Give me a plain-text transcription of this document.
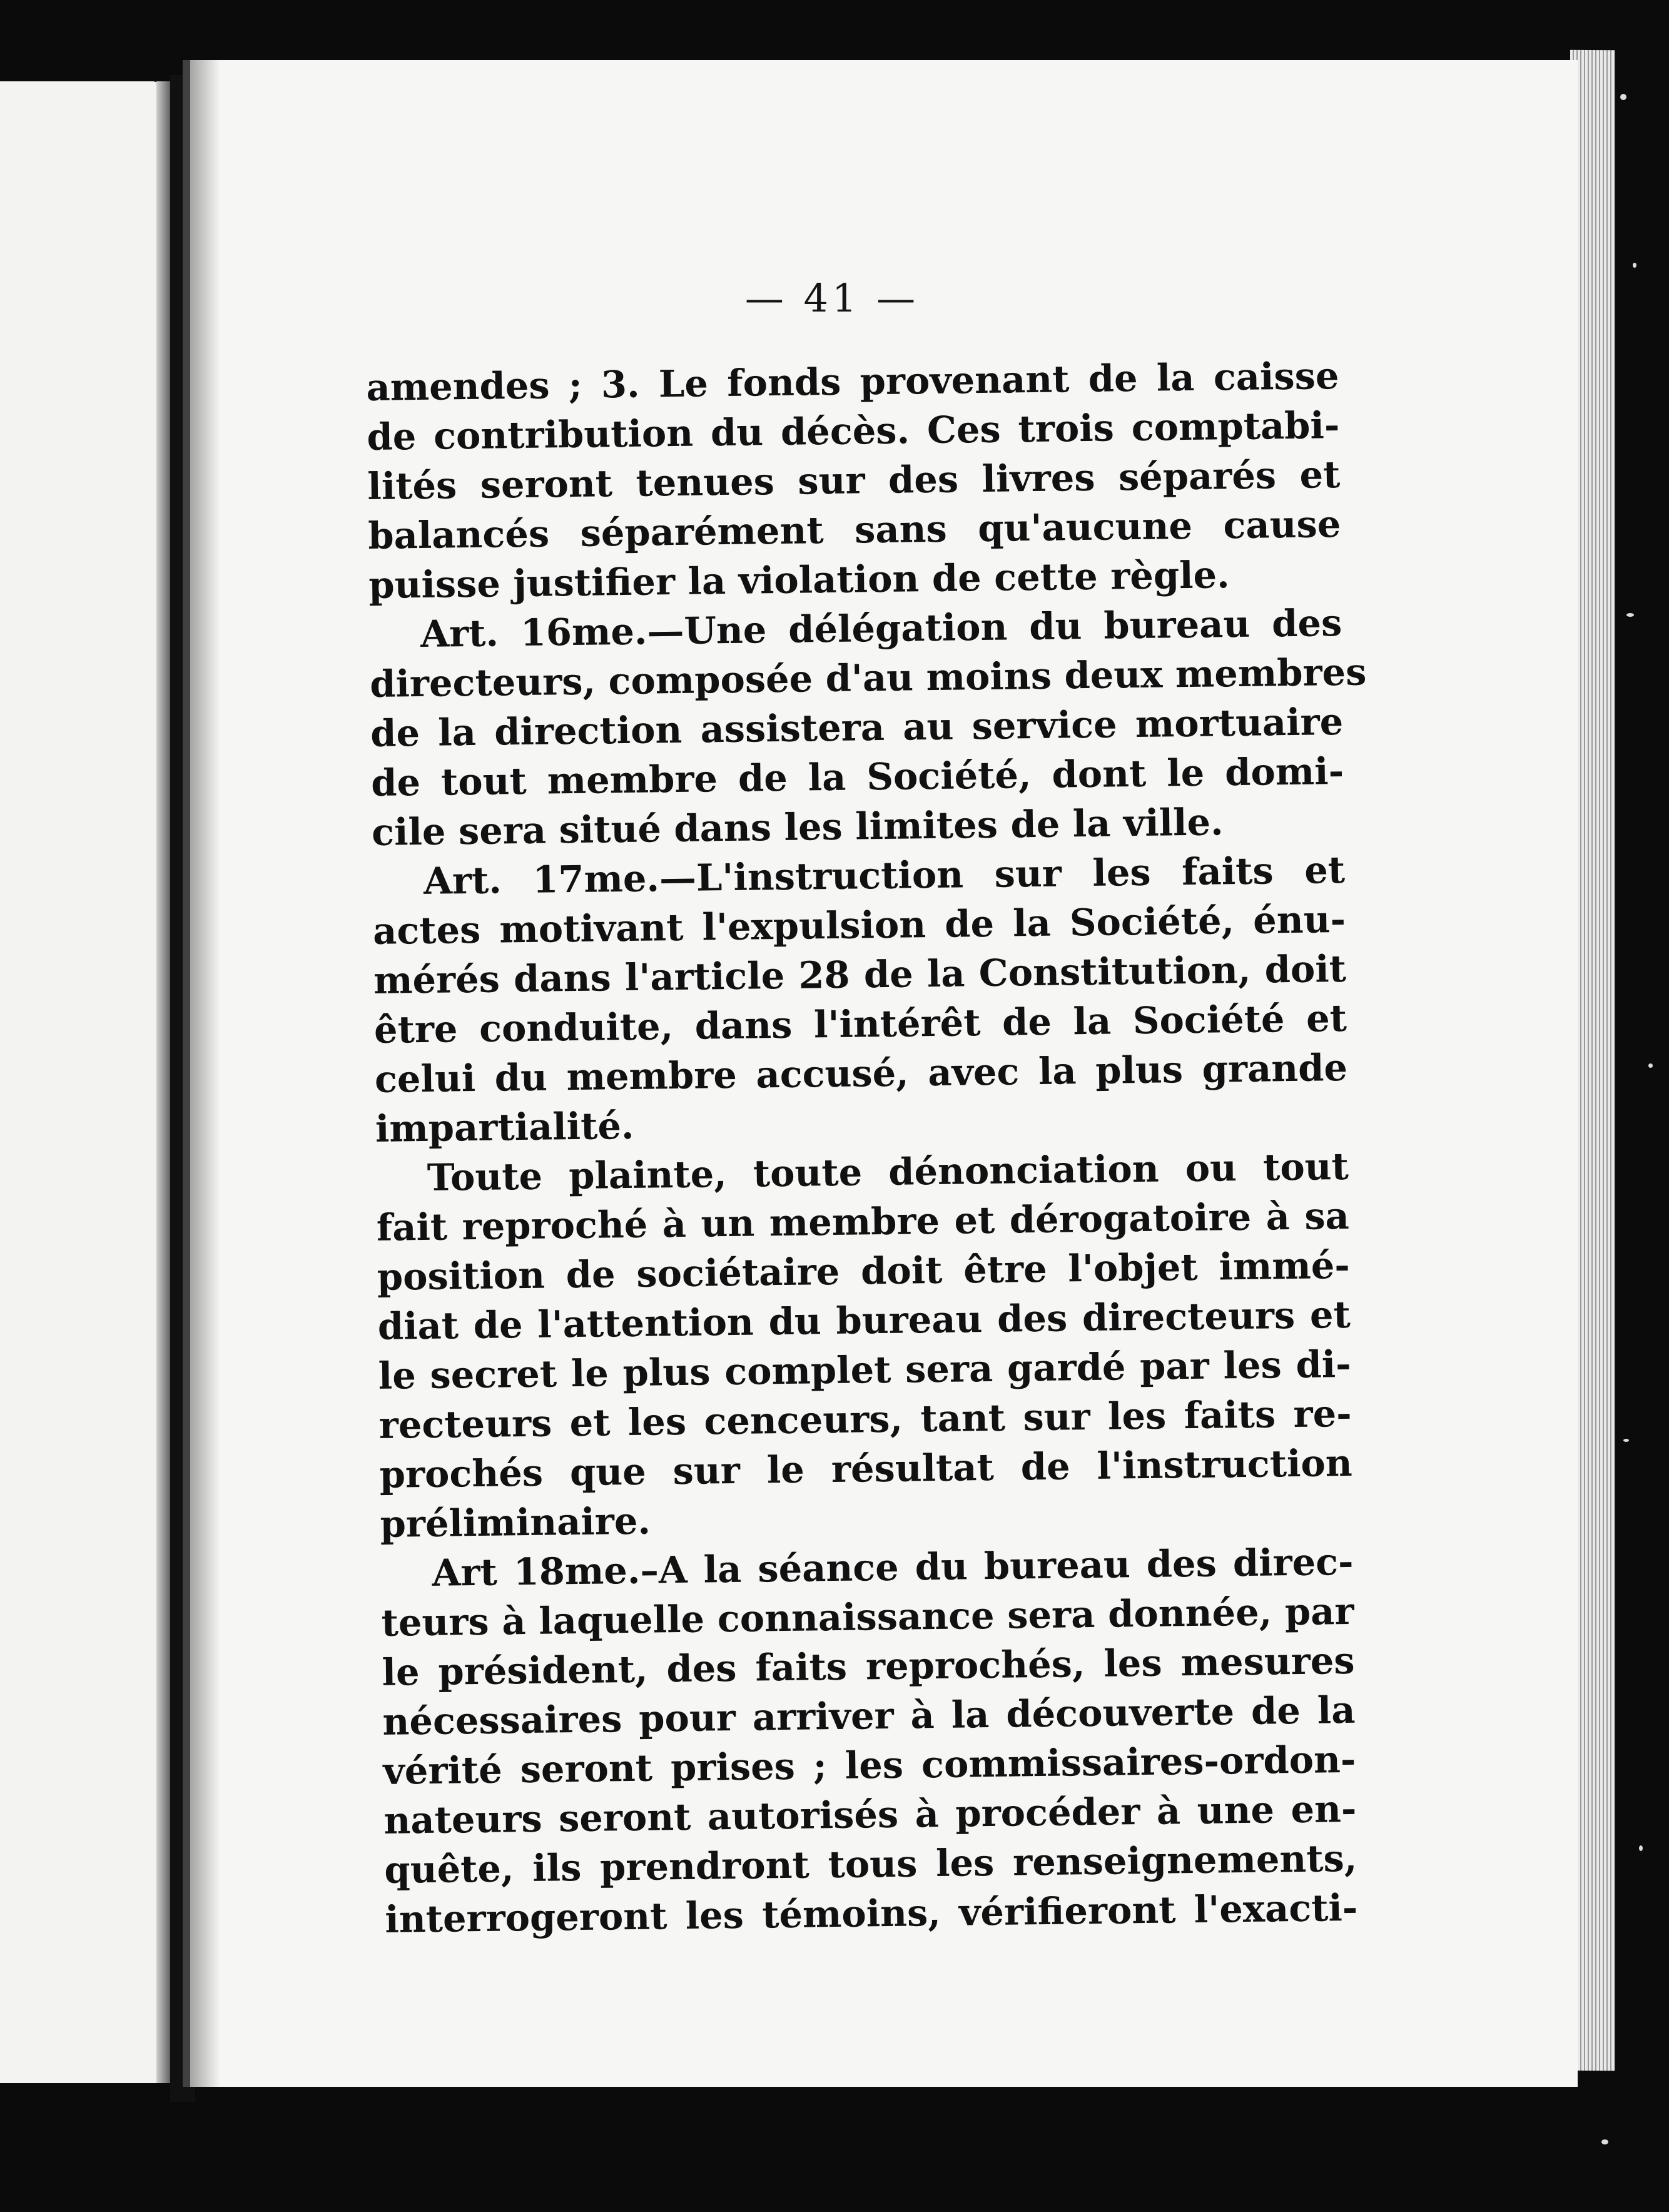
— 41 —
amendes ; 3. Le fonds provenant de la caisse
de contribution du décès. Ces trois comptabi-
lités seront tenues sur des livres séparés et
balancés séparément sans qu'aucune cause
puisse justifier la violation de cette règle.
Art. 16me.—Une délégation du bureau des
directeurs, composée d'au moins deux membres
de la direction assistera au service mortuaire
de tout membre de la Société, dont le domi-
cile sera situé dans les limites de la ville.
Art. 17me.—L'instruction sur les faits et
actes motivant l'expulsion de la Société, énu-
mérés dans l'article 28 de la Constitution, doit
être conduite, dans l'intérêt de la Société et
celui du membre accusé, avec la plus grande
impartialité.
Toute plainte, toute dénonciation ou tout
fait reproché à un membre et dérogatoire à sa
position de sociétaire doit être l'objet immé-
diat de l'attention du bureau des directeurs et
le secret le plus complet sera gardé par les di-
recteurs et les cenceurs, tant sur les faits re-
prochés que sur le résultat de l'instruction
préliminaire.
Art 18me.–A la séance du bureau des direc-
teurs à laquelle connaissance sera donnée, par
le président, des faits reprochés, les mesures
nécessaires pour arriver à la découverte de la
vérité seront prises ; les commissaires-ordon-
nateurs seront autorisés à procéder à une en-
quête, ils prendront tous les renseignements,
interrogeront les témoins, vérifieront l'exacti-
